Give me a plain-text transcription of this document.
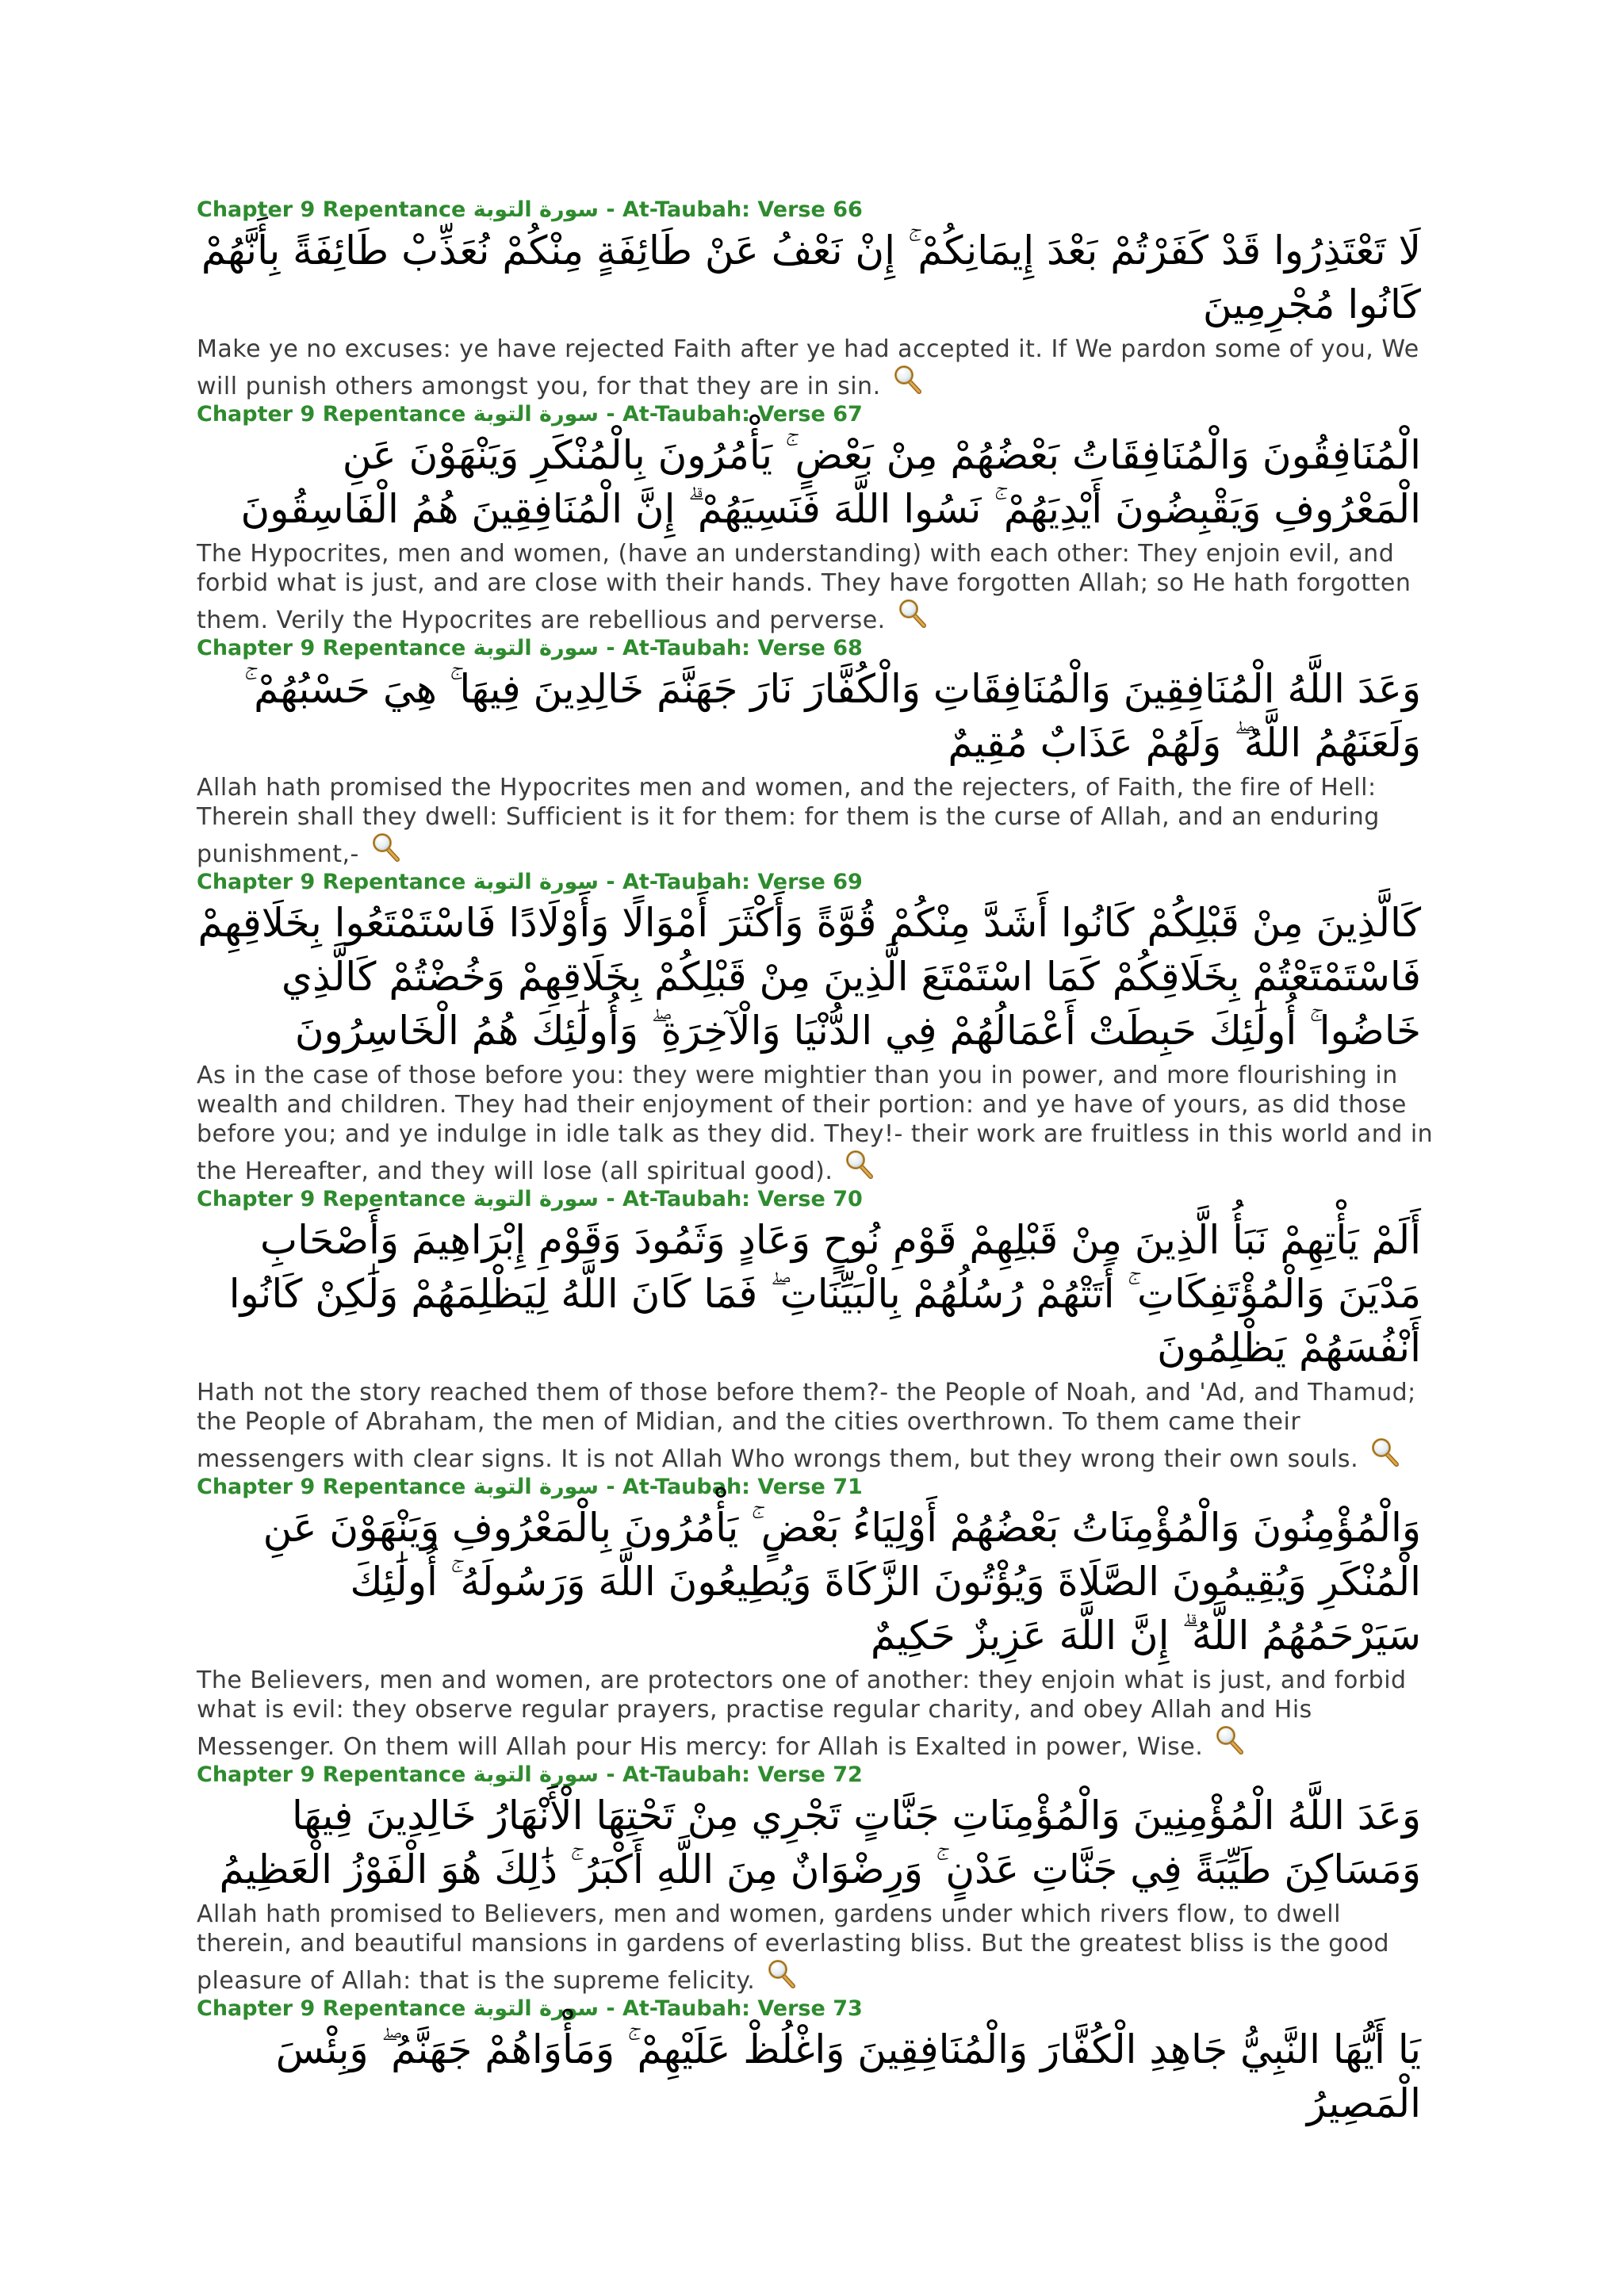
Chapter 9 Repentance سورة التوبة - At-Taubah: Verse 66
لَا تَعْتَذِرُوا قَدْ كَفَرْتُمْ بَعْدَ إِيمَانِكُمْ ۚ إِنْ نَعْفُ عَنْ طَائِفَةٍ مِنْكُمْ نُعَذِّبْ طَائِفَةً بِأَنَّهُمْ كَانُوا مُجْرِمِينَ
Make ye no excuses: ye have rejected Faith after ye had accepted it. If We pardon some of you, We will punish others amongst you, for that they are in sin.
Chapter 9 Repentance سورة التوبة - At-Taubah: Verse 67
الْمُنَافِقُونَ وَالْمُنَافِقَاتُ بَعْضُهُمْ مِنْ بَعْضٍ ۚ يَأْمُرُونَ بِالْمُنْكَرِ وَيَنْهَوْنَ عَنِ الْمَعْرُوفِ وَيَقْبِضُونَ أَيْدِيَهُمْ ۚ نَسُوا اللَّهَ فَنَسِيَهُمْ ۗ إِنَّ الْمُنَافِقِينَ هُمُ الْفَاسِقُونَ
The Hypocrites, men and women, (have an understanding) with each other: They enjoin evil, and forbid what is just, and are close with their hands. They have forgotten Allah; so He hath forgotten them. Verily the Hypocrites are rebellious and perverse.
Chapter 9 Repentance سورة التوبة - At-Taubah: Verse 68
وَعَدَ اللَّهُ الْمُنَافِقِينَ وَالْمُنَافِقَاتِ وَالْكُفَّارَ نَارَ جَهَنَّمَ خَالِدِينَ فِيهَا ۚ هِيَ حَسْبُهُمْ ۚ وَلَعَنَهُمُ اللَّهُ ۖ وَلَهُمْ عَذَابٌ مُقِيمٌ
Allah hath promised the Hypocrites men and women, and the rejecters, of Faith, the fire of Hell: Therein shall they dwell: Sufficient is it for them: for them is the curse of Allah, and an enduring punishment,-
Chapter 9 Repentance سورة التوبة - At-Taubah: Verse 69
كَالَّذِينَ مِنْ قَبْلِكُمْ كَانُوا أَشَدَّ مِنْكُمْ قُوَّةً وَأَكْثَرَ أَمْوَالًا وَأَوْلَادًا فَاسْتَمْتَعُوا بِخَلَاقِهِمْ فَاسْتَمْتَعْتُمْ بِخَلَاقِكُمْ كَمَا اسْتَمْتَعَ الَّذِينَ مِنْ قَبْلِكُمْ بِخَلَاقِهِمْ وَخُضْتُمْ كَالَّذِي خَاضُوا ۚ أُولَٰئِكَ حَبِطَتْ أَعْمَالُهُمْ فِي الدُّنْيَا وَالْآخِرَةِ ۖ وَأُولَٰئِكَ هُمُ الْخَاسِرُونَ
As in the case of those before you: they were mightier than you in power, and more flourishing in wealth and children. They had their enjoyment of their portion: and ye have of yours, as did those before you; and ye indulge in idle talk as they did. They!- their work are fruitless in this world and in the Hereafter, and they will lose (all spiritual good).
Chapter 9 Repentance سورة التوبة - At-Taubah: Verse 70
أَلَمْ يَأْتِهِمْ نَبَأُ الَّذِينَ مِنْ قَبْلِهِمْ قَوْمِ نُوحٍ وَعَادٍ وَثَمُودَ وَقَوْمِ إِبْرَاهِيمَ وَأَصْحَابِ مَدْيَنَ وَالْمُؤْتَفِكَاتِ ۚ أَتَتْهُمْ رُسُلُهُمْ بِالْبَيِّنَاتِ ۖ فَمَا كَانَ اللَّهُ لِيَظْلِمَهُمْ وَلَٰكِنْ كَانُوا أَنْفُسَهُمْ يَظْلِمُونَ
Hath not the story reached them of those before them?- the People of Noah, and 'Ad, and Thamud; the People of Abraham, the men of Midian, and the cities overthrown. To them came their messengers with clear signs. It is not Allah Who wrongs them, but they wrong their own souls.
Chapter 9 Repentance سورة التوبة - At-Taubah: Verse 71
وَالْمُؤْمِنُونَ وَالْمُؤْمِنَاتُ بَعْضُهُمْ أَوْلِيَاءُ بَعْضٍ ۚ يَأْمُرُونَ بِالْمَعْرُوفِ وَيَنْهَوْنَ عَنِ الْمُنْكَرِ وَيُقِيمُونَ الصَّلَاةَ وَيُؤْتُونَ الزَّكَاةَ وَيُطِيعُونَ اللَّهَ وَرَسُولَهُ ۚ أُولَٰئِكَ سَيَرْحَمُهُمُ اللَّهُ ۗ إِنَّ اللَّهَ عَزِيزٌ حَكِيمٌ
The Believers, men and women, are protectors one of another: they enjoin what is just, and forbid what is evil: they observe regular prayers, practise regular charity, and obey Allah and His Messenger. On them will Allah pour His mercy: for Allah is Exalted in power, Wise.
Chapter 9 Repentance سورة التوبة - At-Taubah: Verse 72
وَعَدَ اللَّهُ الْمُؤْمِنِينَ وَالْمُؤْمِنَاتِ جَنَّاتٍ تَجْرِي مِنْ تَحْتِهَا الْأَنْهَارُ خَالِدِينَ فِيهَا وَمَسَاكِنَ طَيِّبَةً فِي جَنَّاتِ عَدْنٍ ۚ وَرِضْوَانٌ مِنَ اللَّهِ أَكْبَرُ ۚ ذَٰلِكَ هُوَ الْفَوْزُ الْعَظِيمُ
Allah hath promised to Believers, men and women, gardens under which rivers flow, to dwell therein, and beautiful mansions in gardens of everlasting bliss. But the greatest bliss is the good pleasure of Allah: that is the supreme felicity.
Chapter 9 Repentance سورة التوبة - At-Taubah: Verse 73
يَا أَيُّهَا النَّبِيُّ جَاهِدِ الْكُفَّارَ وَالْمُنَافِقِينَ وَاغْلُظْ عَلَيْهِمْ ۚ وَمَأْوَاهُمْ جَهَنَّمُ ۖ وَبِئْسَ الْمَصِيرُ
